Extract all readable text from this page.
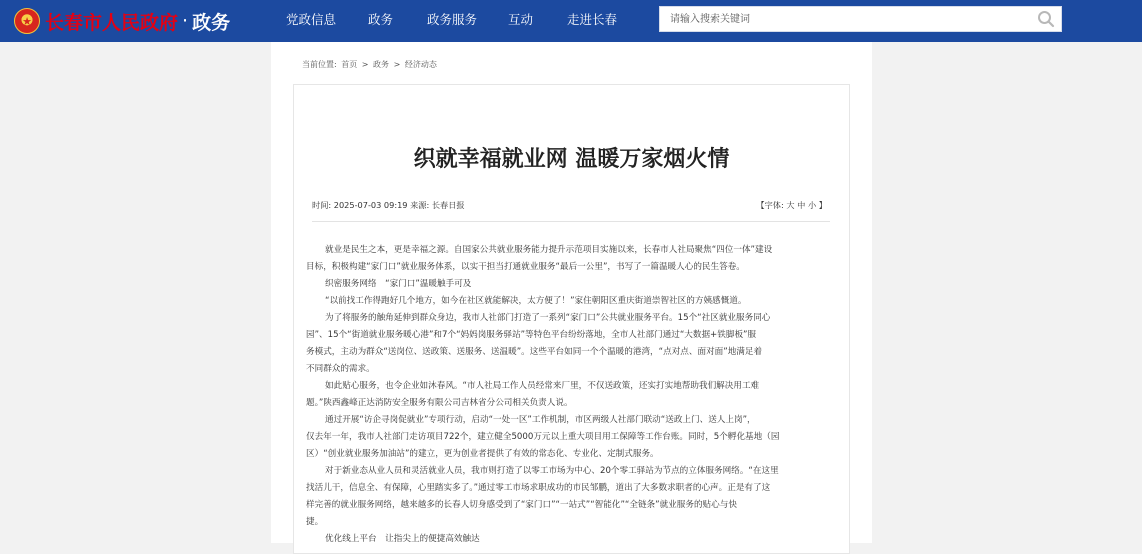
★ 长春市人民政府 · 政务	党政信息	政务	政务服务 互动	走进长春
请输入搜索关键词
当前位置: 首页 > 政务 > 经济动态
织就幸福就业网 温暖万家烟火情
时间: 2025-07-03 09:19 来源: 长春日报	【字体: 大 中 小 】
就业是民生之本，更是幸福之源。自国家公共就业服务能力提升示范项目实施以来，长春市人社局聚焦“四位一体”建设
目标，积极构建“家门口”就业服务体系，以实干担当打通就业服务“最后一公里”，书写了一篇温暖人心的民生答卷。
织密服务网络　“家门口”温暖触手可及
“以前找工作得跑好几个地方，如今在社区就能解决，太方便了！”家住朝阳区重庆街道崇智社区的方姨感慨道。
为了将服务的触角延伸到群众身边，我市人社部门打造了一系列“家门口”公共就业服务平台。15个“社区就业服务同心
园”、15个“街道就业服务暖心港”和7个“妈妈岗服务驿站”等特色平台纷纷落地，全市人社部门通过“大数据+铁脚板”服
务模式，主动为群众“送岗位、送政策、送服务、送温暖”。这些平台如同一个个温暖的港湾，“点对点、面对面”地满足着
不同群众的需求。
如此贴心服务，也令企业如沐春风。“市人社局工作人员经常来厂里，不仅送政策，还实打实地帮助我们解决用工难
题。”陕西鑫峰正达消防安全服务有限公司吉林省分公司相关负责人说。
通过开展“访企寻岗促就业”专项行动，启动“一处一区”工作机制，市区两级人社部门联动“送政上门、送人上岗”，
仅去年一年，我市人社部门走访项目722个，建立健全5000万元以上重大项目用工保障等工作台账。同时，5个孵化基地（园
区）“创业就业服务加油站”的建立，更为创业者提供了有效的常态化、专业化、定制式服务。
对于新业态从业人员和灵活就业人员，我市则打造了以零工市场为中心、20个零工驿站为节点的立体服务网络。“在这里
找活儿干，信息全、有保障，心里踏实多了。”通过零工市场求职成功的市民邹鹏，道出了大多数求职者的心声。正是有了这
样完善的就业服务网络，越来越多的长春人切身感受到了“家门口”“一站式”“智能化”“全链条”就业服务的贴心与快
捷。
优化线上平台　让指尖上的便捷高效触达
